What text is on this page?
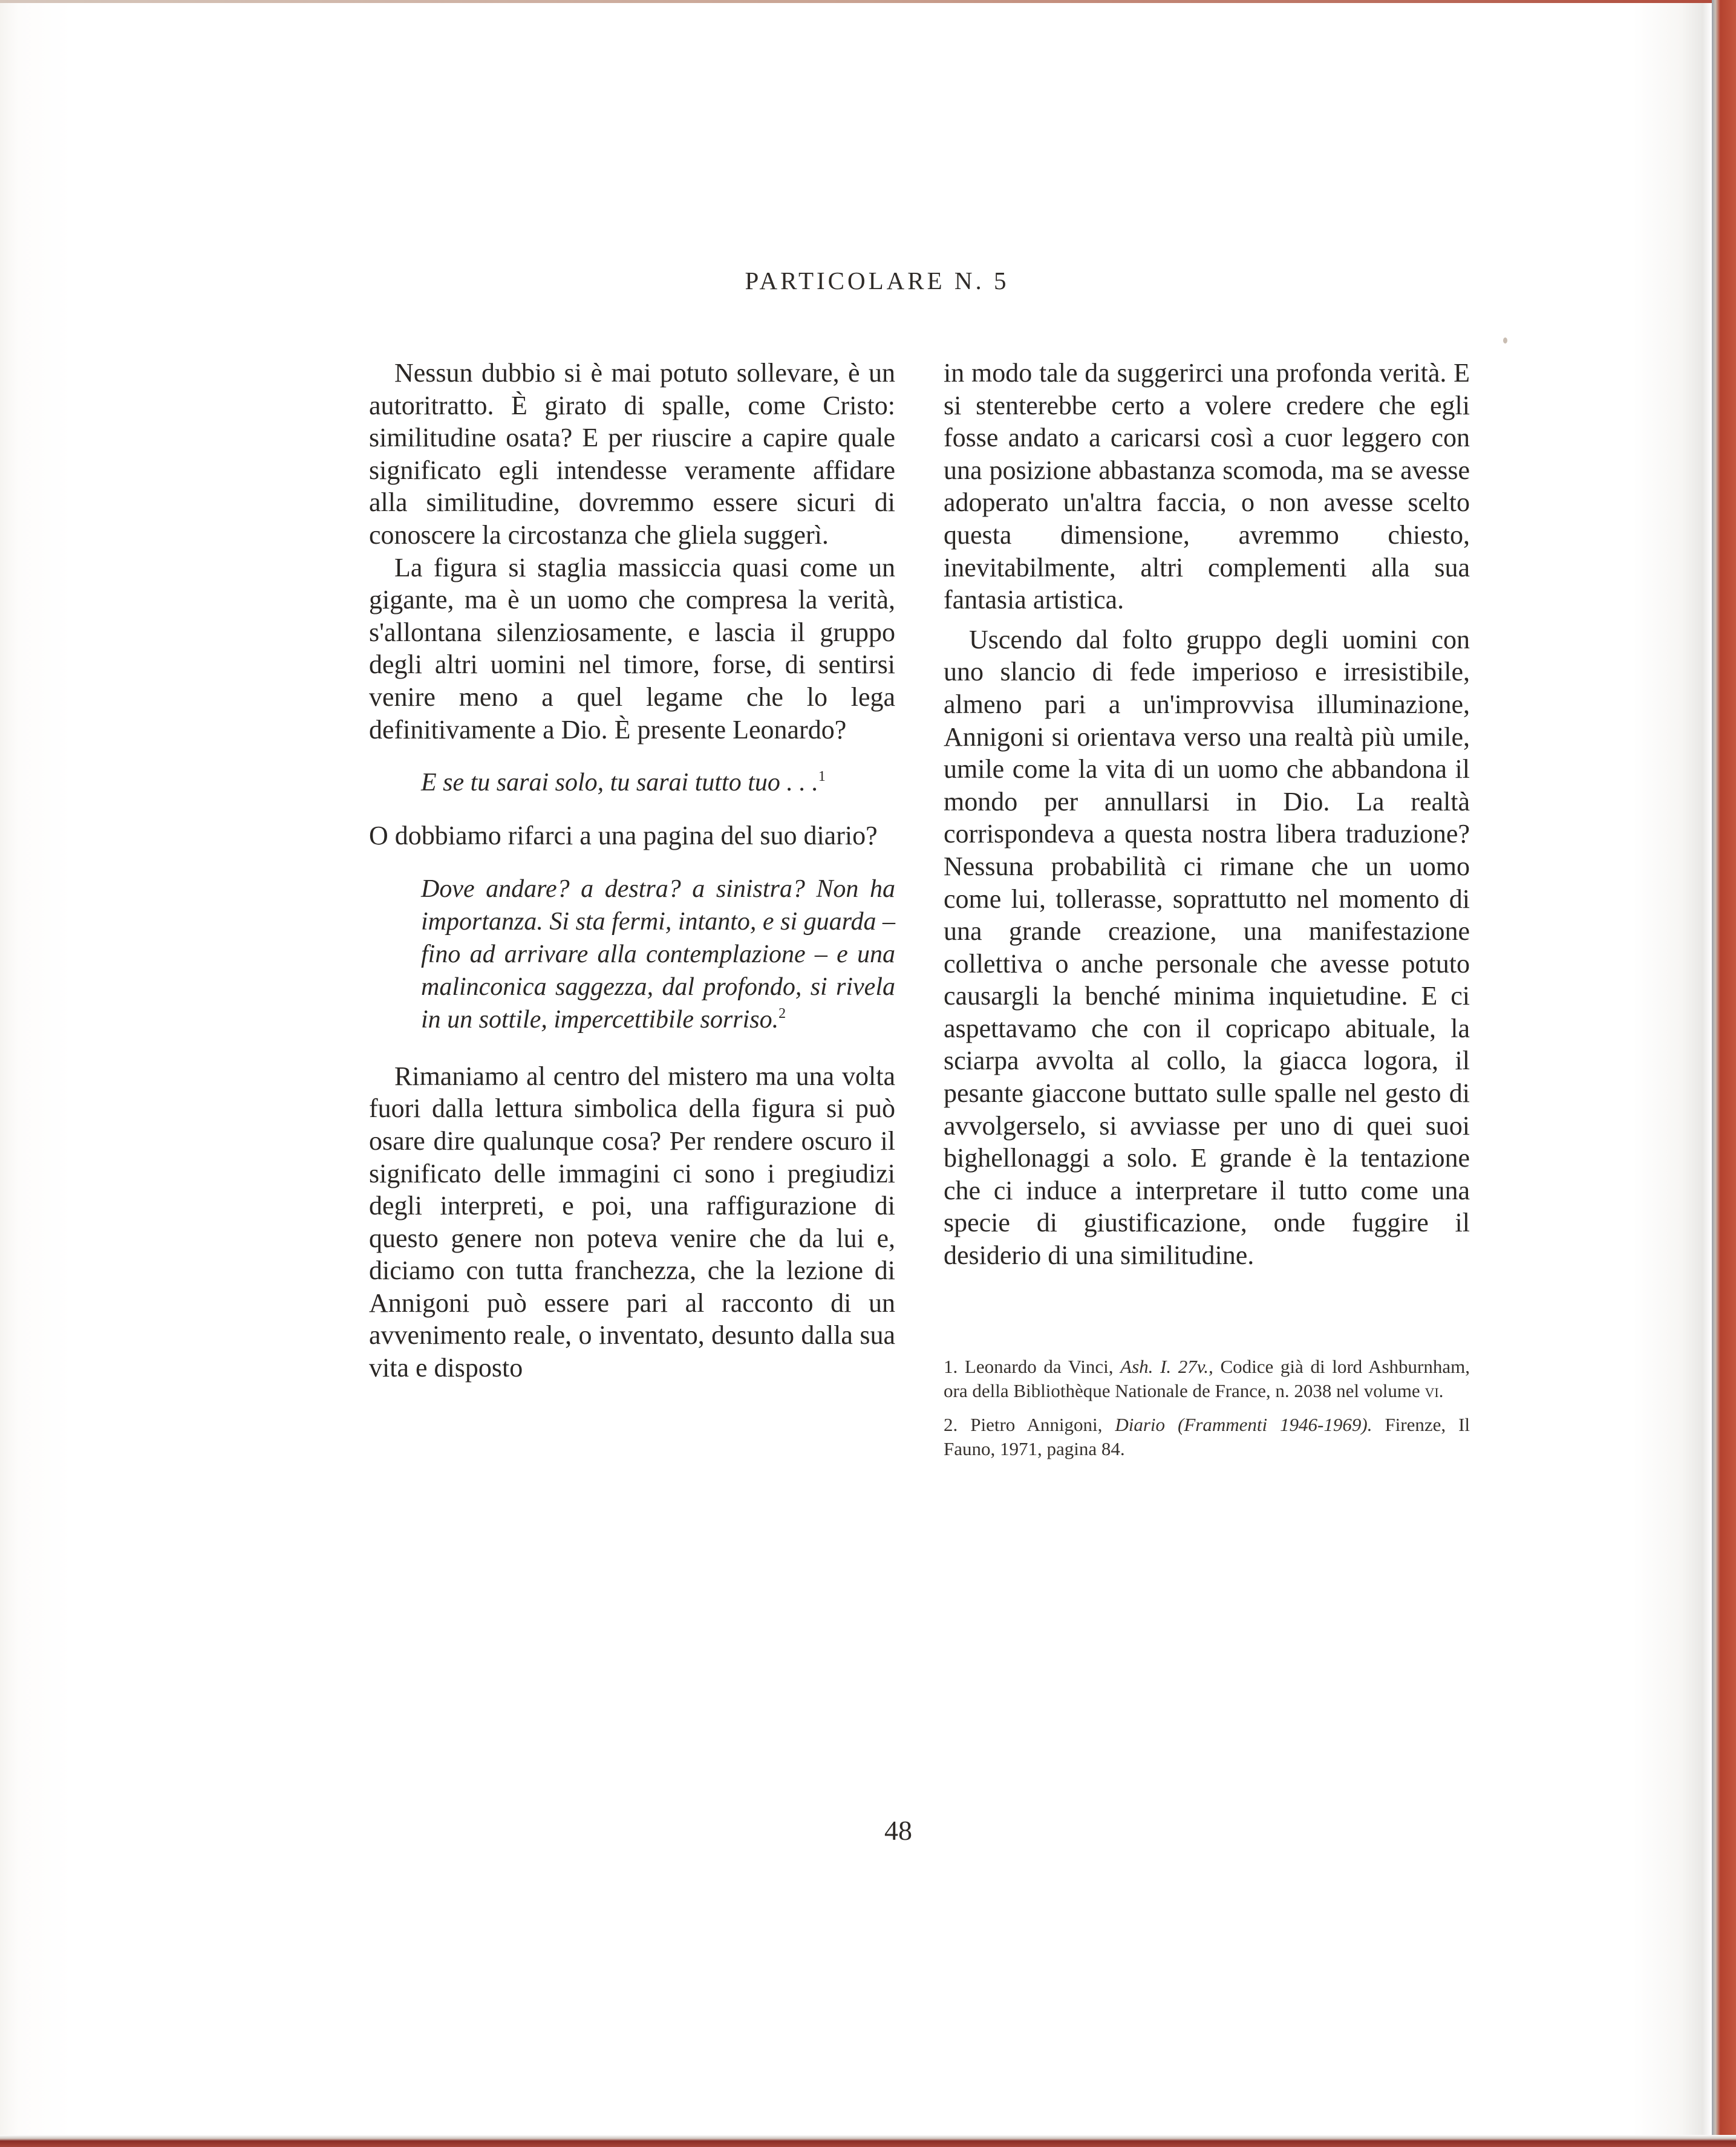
PARTICOLARE N. 5

Nessun dubbio si è mai potuto sollevare, è un autoritratto. È girato di spalle, come Cristo: similitudine osata? E per riuscire a capire quale significato egli intendesse veramente affidare alla similitudine, dovremmo essere sicuri di conoscere la circostanza che gliela suggerì.

La figura si staglia massiccia quasi come un gigante, ma è un uomo che compresa la verità, s'allontana silenziosamente, e lascia il gruppo degli altri uomini nel timore, forse, di sentirsi venire meno a quel legame che lo lega definitivamente a Dio. È presente Leonardo?

E se tu sarai solo, tu sarai tutto tuo . . .$^1$

O dobbiamo rifarci a una pagina del suo diario?

Dove andare? a destra? a sinistra? Non ha importanza. Si sta fermi, intanto, e si guarda – fino ad arrivare alla contemplazione – e una malinconica saggezza, dal profondo, si rivela in un sottile, impercettibile sorriso.$^2$

Rimaniamo al centro del mistero ma una volta fuori dalla lettura simbolica della figura si può osare dire qualunque cosa? Per rendere oscuro il significato delle immagini ci sono i pregiudizi degli interpreti, e poi, una raffigurazione di questo genere non poteva venire che da lui e, diciamo con tutta franchezza, che la lezione di Annigoni può essere pari al racconto di un avvenimento reale, o inventato, desunto dalla sua vita e disposto

in modo tale da suggerirci una profonda verità. E si stenterebbe certo a volere credere che egli fosse andato a caricarsi così a cuor leggero con una posizione abbastanza scomoda, ma se avesse adoperato un'altra faccia, o non avesse scelto questa dimensione, avremmo chiesto, inevitabilmente, altri complementi alla sua fantasia artistica.

Uscendo dal folto gruppo degli uomini con uno slancio di fede imperioso e irresistibile, almeno pari a un'improvvisa illuminazione, Annigoni si orientava verso una realtà più umile, umile come la vita di un uomo che abbandona il mondo per annullarsi in Dio. La realtà corrispondeva a questa nostra libera traduzione? Nessuna probabilità ci rimane che un uomo come lui, tollerasse, soprattutto nel momento di una grande creazione, una manifestazione collettiva o anche personale che avesse potuto causargli la benché minima inquietudine. E ci aspettavamo che con il copricapo abituale, la sciarpa avvolta al collo, la giacca logora, il pesante giaccone buttato sulle spalle nel gesto di avvolgerselo, si avviasse per uno di quei suoi bighellonaggi a solo. E grande è la tentazione che ci induce a interpretare il tutto come una specie di giustificazione, onde fuggire il desiderio di una similitudine.

1. Leonardo da Vinci, Ash. I. 27v., Codice già di lord Ashburnham, ora della Bibliothèque Nationale de France, n. 2038 nel volume vi.

2. Pietro Annigoni, Diario (Frammenti 1946-1969). Firenze, Il Fauno, 1971, pagina 84.

48
